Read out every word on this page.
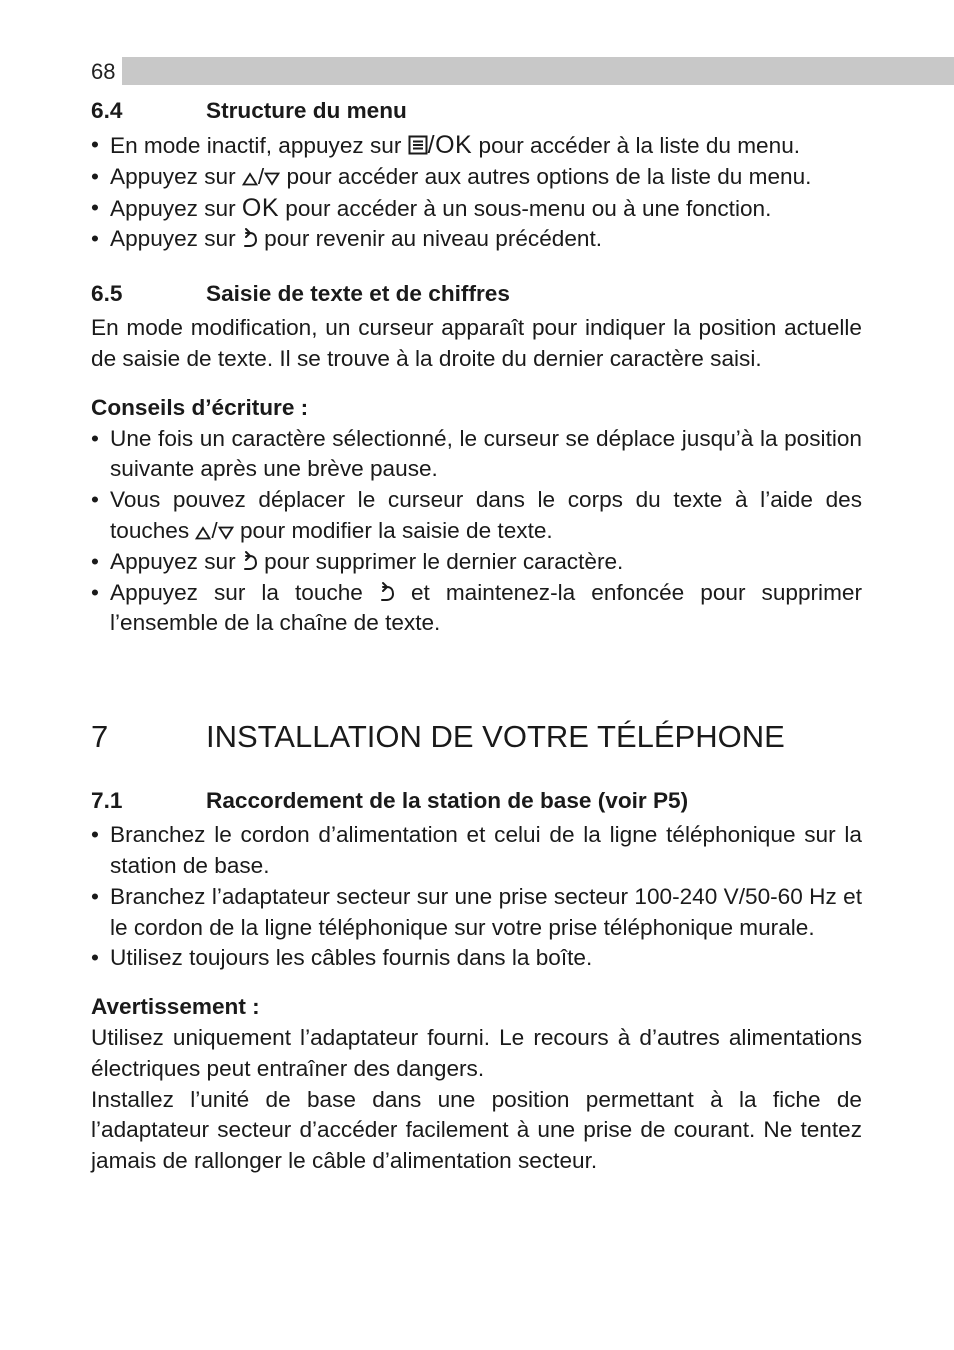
68
6.4	Structure du menu
• En mode inactif, appuyez sur /OK pour accéder à la liste du menu.
• Appuyez sur / pour accéder aux autres options de la liste du menu.
• Appuyez sur OK pour accéder à un sous-menu ou à une fonction.
• Appuyez sur pour revenir au niveau précédent.
6.5	Saisie de texte et de chiffres

En mode modification, un curseur apparaît pour indiquer la position actuelle de saisie de texte. Il se trouve à la droite du dernier caractère saisi.

Conseils d’écriture :
• Une fois un caractère sélectionné, le curseur se déplace jusqu’à la position suivante après une brève pause.
• Vous pouvez déplacer le curseur dans le corps du texte à l’aide des touches / pour modifier la saisie de texte.
• Appuyez sur pour supprimer le dernier caractère.
• Appuyez sur la touche et maintenez-la enfoncée pour supprimer l’ensemble de la chaîne de texte.
7	INSTALLATION DE VOTRE TÉLÉPHONE
7.1	Raccordement de la station de base (voir P5)
• Branchez le cordon d’alimentation et celui de la ligne téléphonique sur la station de base.
• Branchez l’adaptateur secteur sur une prise secteur 100-240 V/50-60 Hz et le cordon de la ligne téléphonique sur votre prise téléphonique murale.
• Utilisez toujours les câbles fournis dans la boîte.
Avertissement :

Utilisez uniquement l’adaptateur fourni. Le recours à d’autres alimentations électriques peut entraîner des dangers.

Installez l’unité de base dans une position permettant à la fiche de l’adaptateur secteur d’accéder facilement à une prise de courant. Ne tentez jamais de rallonger le câble d’alimentation secteur.
